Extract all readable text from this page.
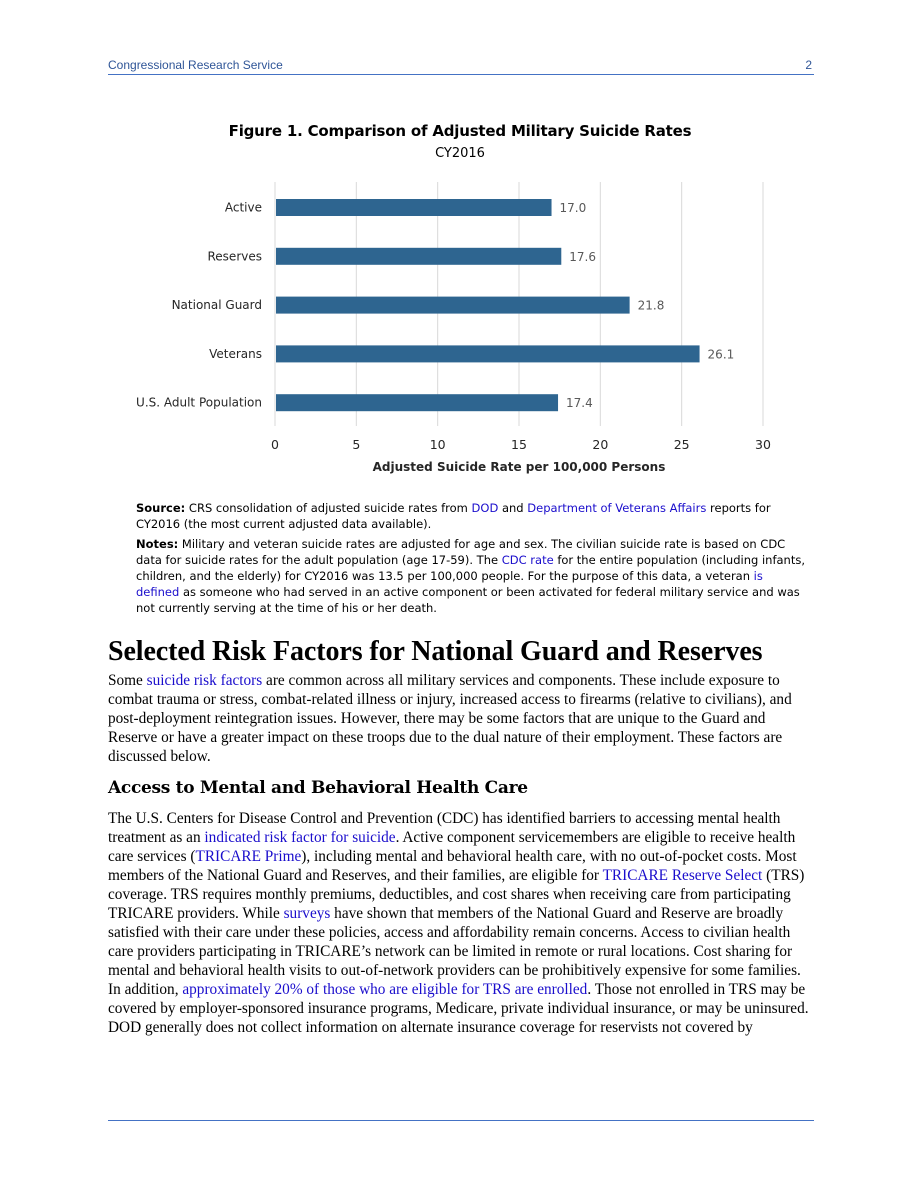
Congressional Research Service	2
Figure 1. Comparison of Adjusted Military Suicide Rates
CY2016
Active	17.0
Reserves	17.6
National Guard	21.8
Veterans	26.1
U.S. Adult Population	17.4
0	5	10	15	20	25	30
Adjusted Suicide Rate per 100,000 Persons
Source: CRS consolidation of adjusted suicide rates from DOD and Department of Veterans Affairs reports for CY2016 (the most current adjusted data available).
Notes: Military and veteran suicide rates are adjusted for age and sex. The civilian suicide rate is based on CDC data for suicide rates for the adult population (age 17-59). The CDC rate for the entire population (including infants, children, and the elderly) for CY2016 was 13.5 per 100,000 people. For the purpose of this data, a veteran is defined as someone who had served in an active component or been activated for federal military service and was not currently serving at the time of his or her death.
Selected Risk Factors for National Guard and Reserves
Some suicide risk factors are common across all military services and components. These include exposure to combat trauma or stress, combat-related illness or injury, increased access to firearms (relative to civilians), and post-deployment reintegration issues. However, there may be some factors that are unique to the Guard and Reserve or have a greater impact on these troops due to the dual nature of their employment. These factors are discussed below.
Access to Mental and Behavioral Health Care
The U.S. Centers for Disease Control and Prevention (CDC) has identified barriers to accessing mental health treatment as an indicated risk factor for suicide. Active component servicemembers are eligible to receive health care services (TRICARE Prime), including mental and behavioral health care, with no out-of-pocket costs. Most members of the National Guard and Reserves, and their families, are eligible for TRICARE Reserve Select (TRS) coverage. TRS requires monthly premiums, deductibles, and cost shares when receiving care from participating TRICARE providers. While surveys have shown that members of the National Guard and Reserve are broadly satisfied with their care under these policies, access and affordability remain concerns. Access to civilian health care providers participating in TRICARE’s network can be limited in remote or rural locations. Cost sharing for mental and behavioral health visits to out-of-network providers can be prohibitively expensive for some families. In addition, approximately 20% of those who are eligible for TRS are enrolled. Those not enrolled in TRS may be covered by employer-sponsored insurance programs, Medicare, private individual insurance, or may be uninsured. DOD generally does not collect information on alternate insurance coverage for reservists not covered by
